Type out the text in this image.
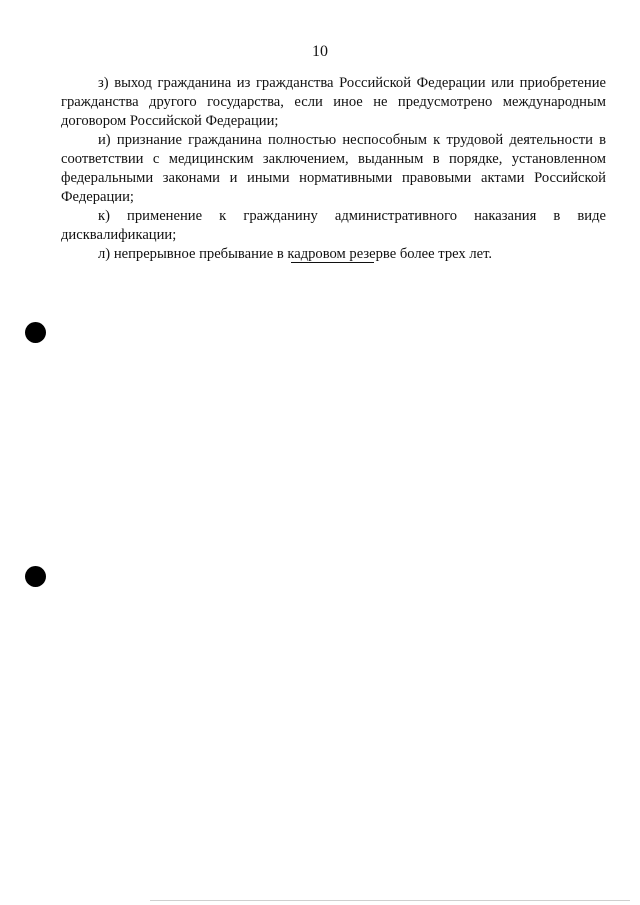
10

з) выход гражданина из гражданства Российской Федерации или приобретение гражданства другого государства, если иное не предусмотрено международным договором Российской Федерации;

и) признание гражданина полностью неспособным к трудовой деятельности в соответствии с медицинским заключением, выданным в порядке, установленном федеральными законами и иными нормативными правовыми актами Российской Федерации;

к) применение к гражданину административного наказания в виде дисквалификации;

л) непрерывное пребывание в кадровом резерве более трех лет.
